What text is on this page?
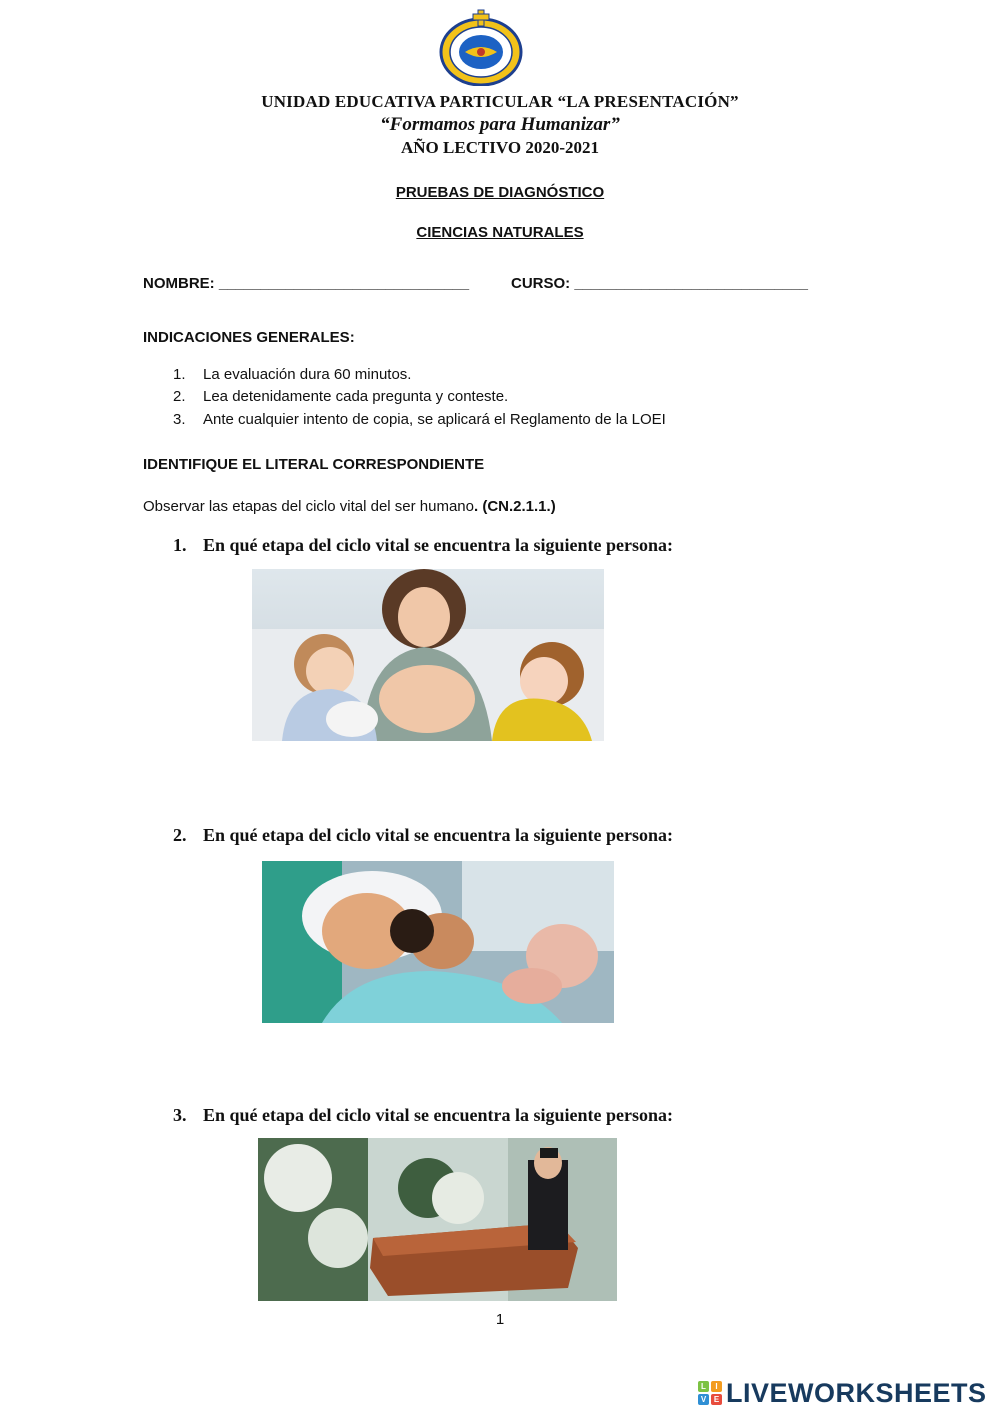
UNIDAD EDUCATIVA PARTICULAR “LA PRESENTACIÓN”
“Formamos para Humanizar”
AÑO LECTIVO 2020-2021
PRUEBAS DE DIAGNÓSTICO
CIENCIAS NATURALES
NOMBRE: ______________________________	CURSO: ____________________________
INDICACIONES GENERALES:
1. La evaluación dura 60 minutos.
2. Lea detenidamente cada pregunta y conteste.
3. Ante cualquier intento de copia, se aplicará el Reglamento de la LOEI
IDENTIFIQUE EL LITERAL CORRESPONDIENTE
Observar las etapas del ciclo vital del ser humano. (CN.2.1.1.)
1. En qué etapa del ciclo vital se encuentra la siguiente persona:
2. En qué etapa del ciclo vital se encuentra la siguiente persona:
3. En qué etapa del ciclo vital se encuentra la siguiente persona:
1
L	I
V E LIVEWORKSHEETS
